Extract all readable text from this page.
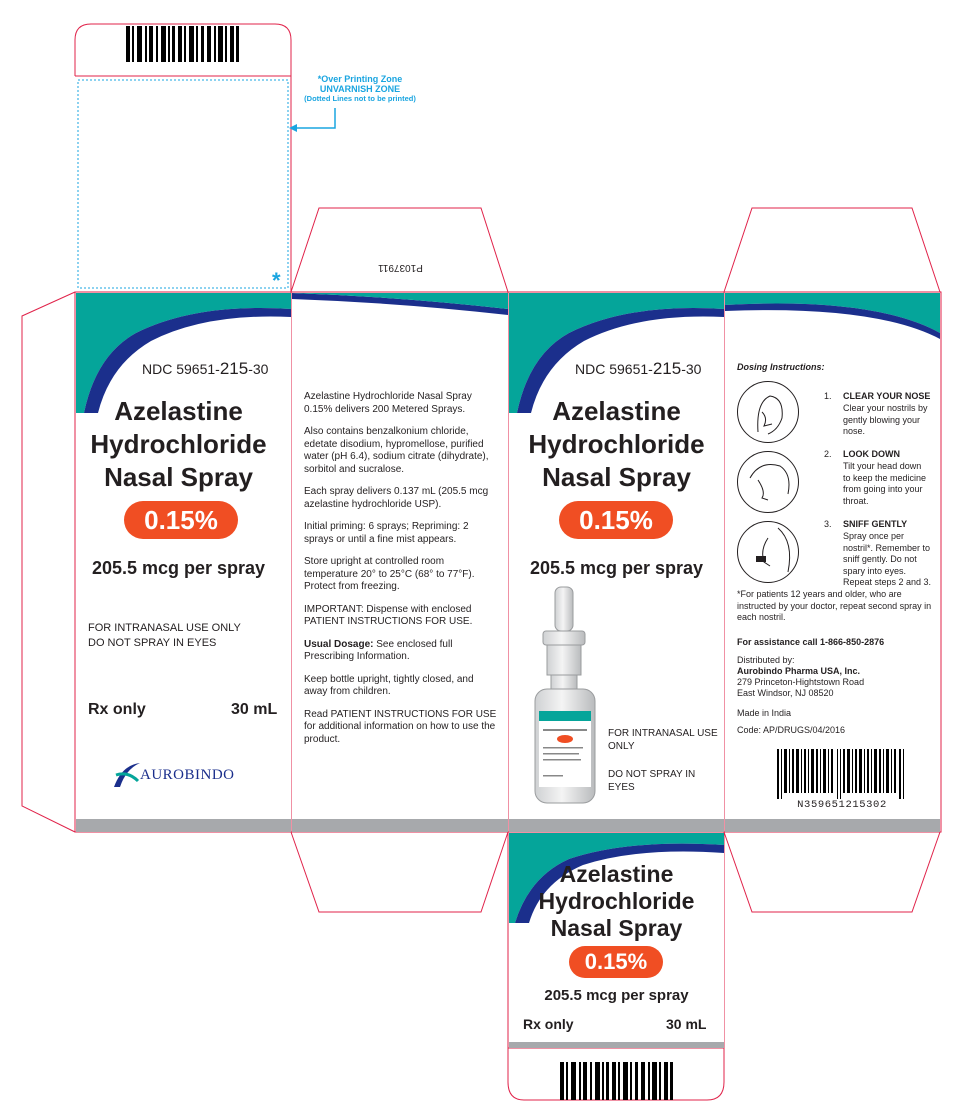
*Over Printing Zone
UNVARNISH ZONE
(Dotted Lines not to be printed)
*
P1037911
NDC 59651-215-30
Azelastine
Hydrochloride
Nasal Spray
0.15%
205.5 mcg per spray
FOR INTRANASAL USE ONLY
DO NOT SPRAY IN EYES
Rx only	30 mL
AUROBINDO

Azelastine Hydrochloride Nasal Spray 0.15% delivers 200 Metered Sprays.

Also contains benzalkonium chloride, edetate disodium, hypromellose, purified water (pH 6.4), sodium citrate (dihydrate), sorbitol and sucralose.

Each spray delivers 0.137 mL (205.5 mcg azelastine hydrochloride USP).

Initial priming: 6 sprays; Repriming: 2 sprays or until a fine mist appears.

Store upright at controlled room temperature 20° to 25°C (68° to 77°F). Protect from freezing.

IMPORTANT: Dispense with enclosed PATIENT INSTRUCTIONS FOR USE.

Usual Dosage: See enclosed full Prescribing Information.

Keep bottle upright, tightly closed, and away from children.

Read PATIENT INSTRUCTIONS FOR USE for additional information on how to use the product.

NDC 59651-215-30
Azelastine
Hydrochloride
Nasal Spray
0.15%
205.5 mcg per spray
FOR INTRANASAL USE
ONLY
DO NOT SPRAY IN EYES
Dosing Instructions:
1. CLEAR YOUR NOSE
Clear your nostrils by gently blowing your nose.
2. LOOK DOWN
Tilt your head down to keep the medicine from going into your throat.
3. SNIFF GENTLY
Spray once per nostril*. Remember to sniff gently. Do not spary into eyes. Repeat steps 2 and 3.
*For patients 12 years and older, who are instructed by your doctor, repeat second spray in each nostril.
For assistance call 1-866-850-2876
Distributed by:
Aurobindo Pharma USA, Inc.
279 Princeton-Hightstown Road
East Windsor, NJ 08520
Made in India
Code: AP/DRUGS/04/2016
N359651215302
Azelastine
Hydrochloride
Nasal Spray
0.15%
205.5 mcg per spray
Rx only	30 mL
